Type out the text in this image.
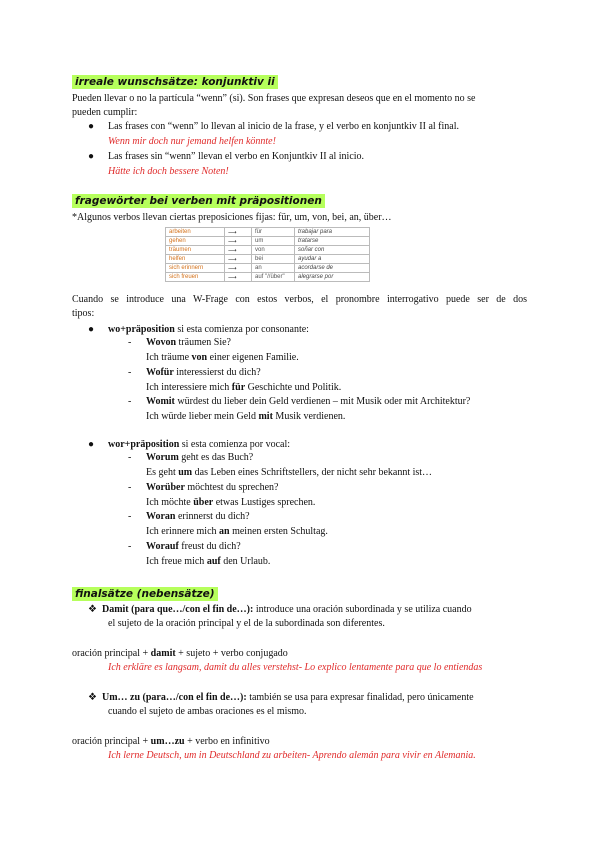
irreale wunschsätze: konjunktiv ii
Pueden llevar o no la partícula “wenn” (si). Son frases que expresan deseos que en el momento no se
pueden cumplir:
● Las frases con “wenn” lo llevan al inicio de la frase, y el verbo en konjuntkiv II al final.
Wenn mir doch nur jemand helfen könnte!
● Las frases sin “wenn” llevan el verbo en Konjuntkiv II al inicio.
Hätte ich doch bessere Noten!
fragewörter bei verben mit präpositionen
*Algunos verbos llevan ciertas preposiciones fijas: für, um, von, bei, an, über…
arbeiten	⟶	für	trabajar para
gehen	⟶	um	tratarse
träumen	⟶	von	soñar con
helfen	⟶	bei	ayudar a
sich erinnern	⟶	an	acordarse de
sich freuen	⟶	auf "//über"	alegrarse por
Cuando se introduce una W-Frage con estos verbos, el pronombre interrogativo puede ser de dos
tipos:
● wo+präposition si esta comienza por consonante:
- Wovon träumen Sie?
Ich träume von einer eigenen Familie.
- Wofür interessierst du dich?
Ich interessiere mich für Geschichte und Politik.
- Womit würdest du lieber dein Geld verdienen – mit Musik oder mit Architektur?
Ich würde lieber mein Geld mit Musik verdienen.
● wor+präposition si esta comienza por vocal:
- Worum geht es das Buch?
Es geht um das Leben eines Schriftstellers, der nicht sehr bekannt ist…
- Worüber möchtest du sprechen?
Ich möchte über etwas Lustiges sprechen.
- Woran erinnerst du dich?
Ich erinnere mich an meinen ersten Schultag.
- Worauf freust du dich?
Ich freue mich auf den Urlaub.
finalsätze (nebensätze)
❖ Damit (para que…/con el fin de…): introduce una oración subordinada y se utiliza cuando
el sujeto de la oración principal y el de la subordinada son diferentes.
oración principal + damit + sujeto + verbo conjugado
Ich erkläre es langsam, damit du alles verstehst- Lo explico lentamente para que lo entiendas
❖ Um… zu (para…/con el fin de…): también se usa para expresar finalidad, pero únicamente
cuando el sujeto de ambas oraciones es el mismo.
oración principal + um…zu + verbo en infinitivo
Ich lerne Deutsch, um in Deutschland zu arbeiten- Aprendo alemán para vivir en Alemania.
